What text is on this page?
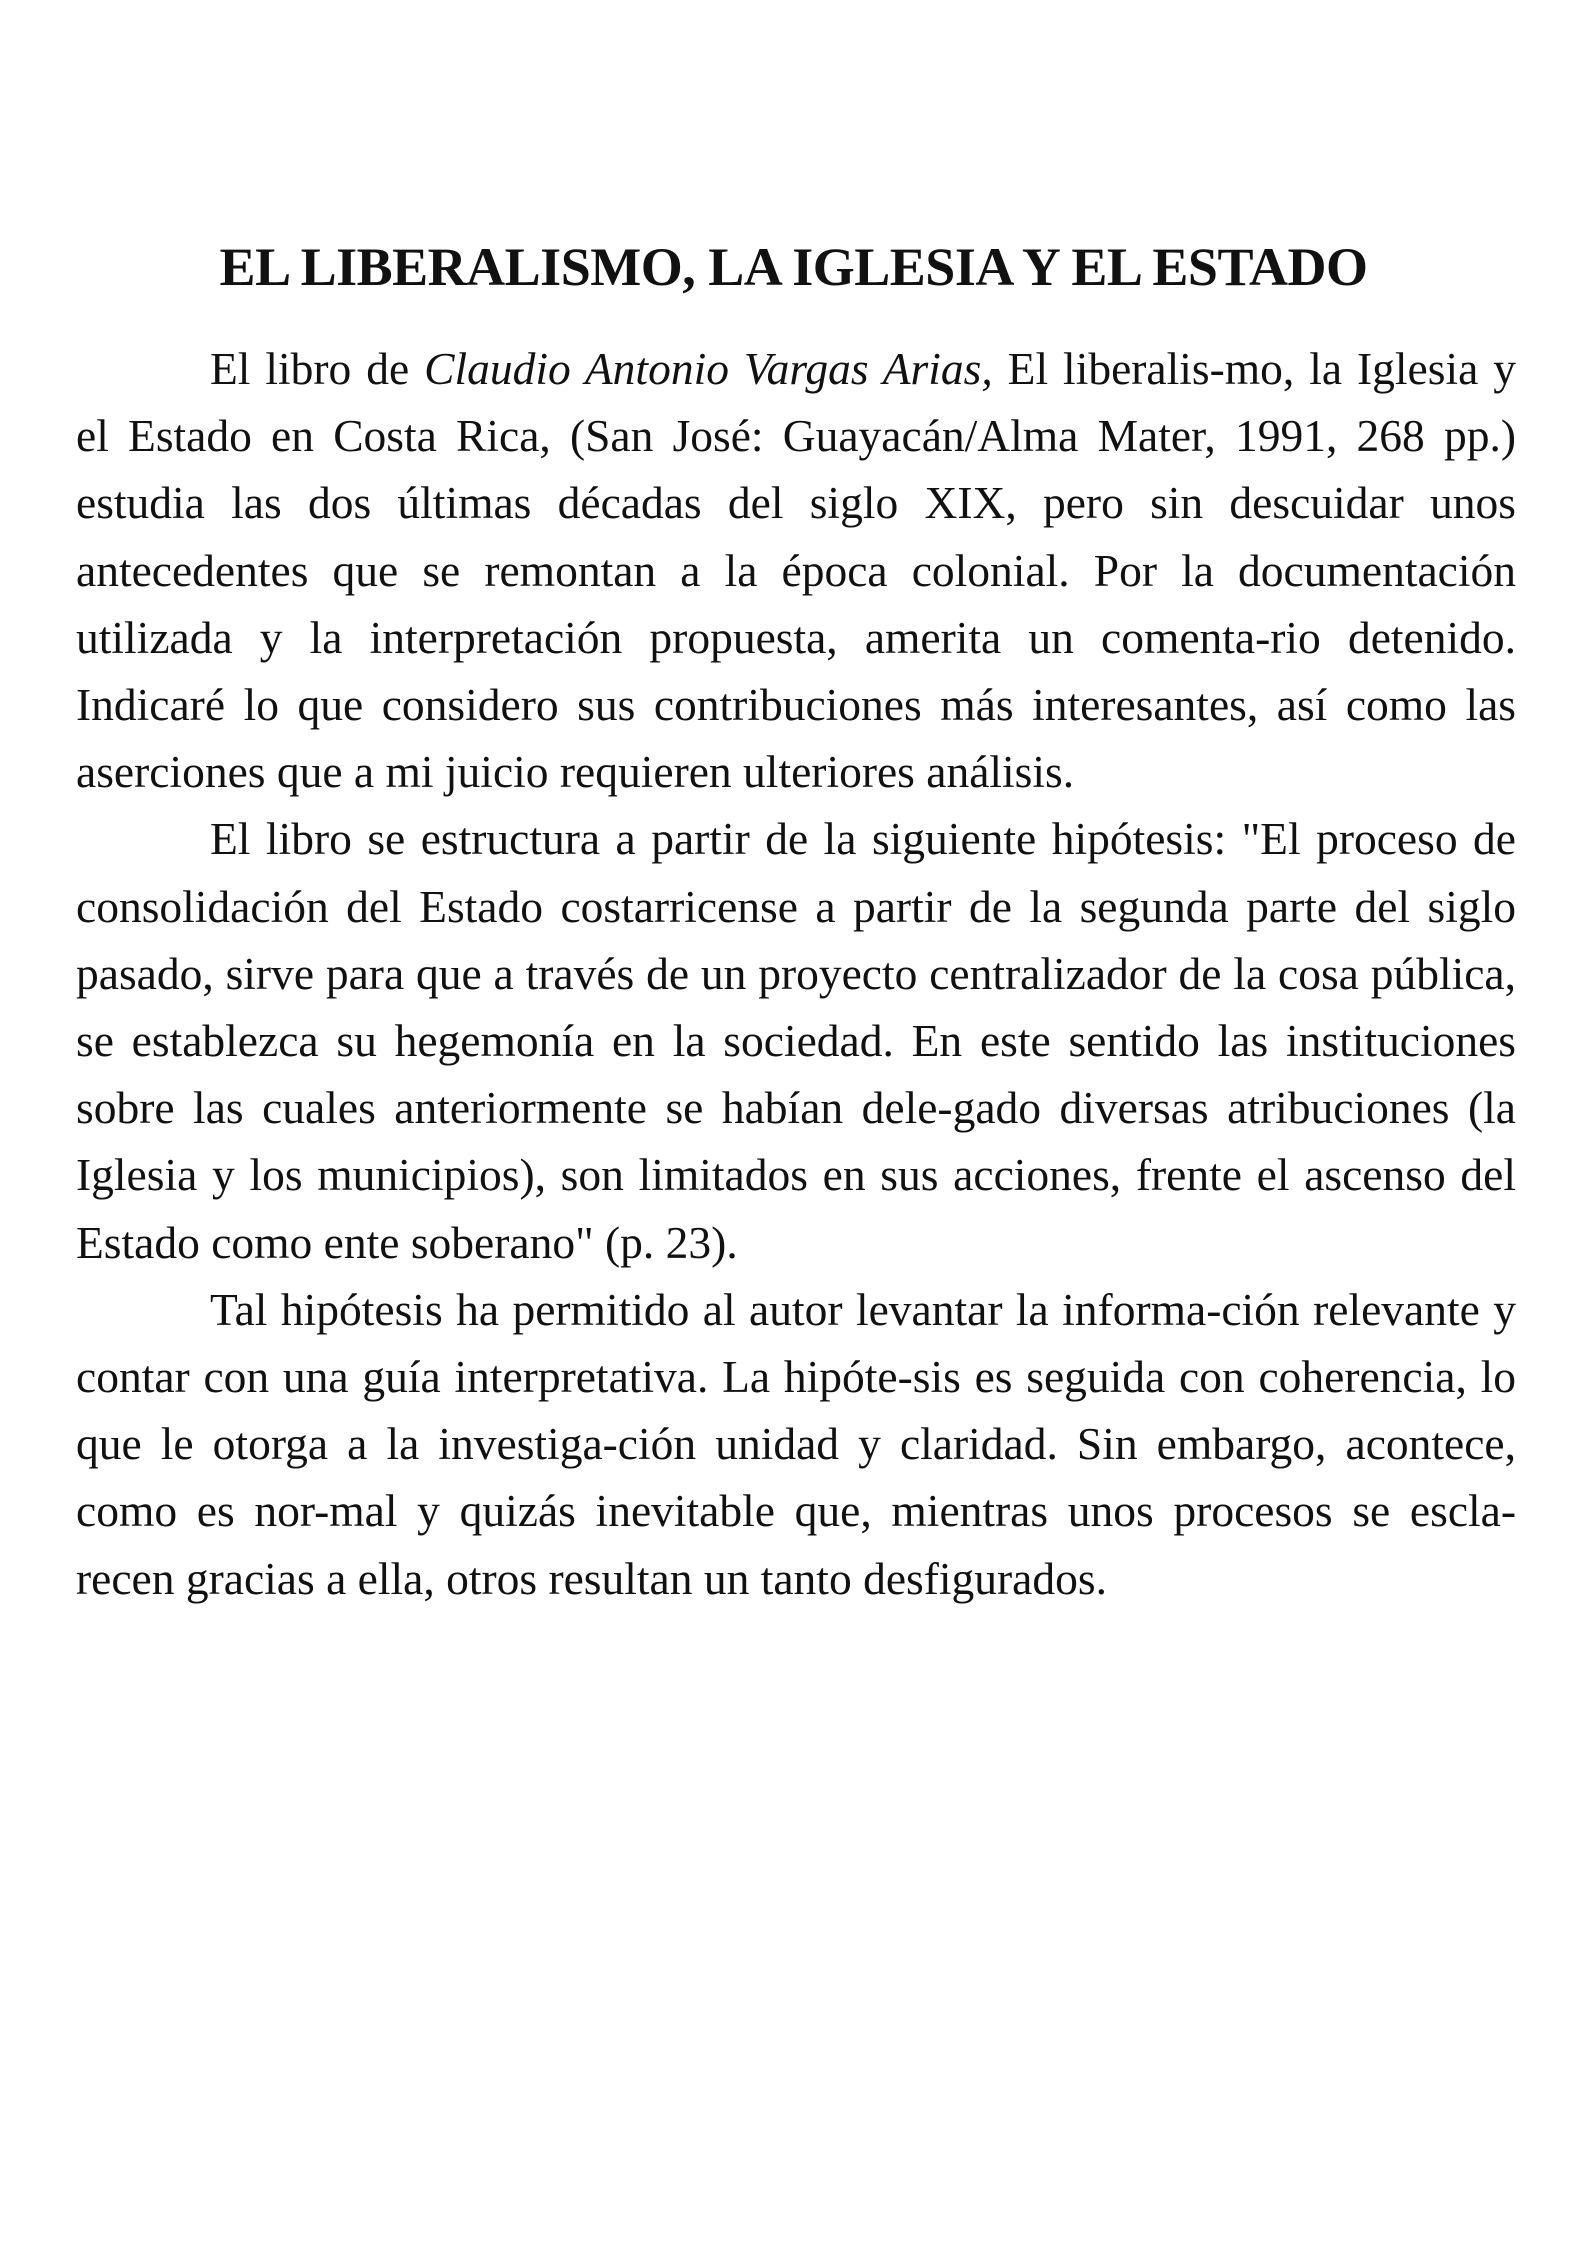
EL LIBERALISMO, LA IGLESIA Y EL ESTADO

El libro de Claudio Antonio Vargas Arias, El liberalis-mo, la Iglesia y el Estado en Costa Rica, (San José: Guayacán/Alma Mater, 1991, 268 pp.) estudia las dos últimas décadas del siglo XIX, pero sin descuidar unos antecedentes que se remontan a la época colonial. Por la documentación utilizada y la interpretación propuesta, amerita un comenta-rio detenido. Indicaré lo que considero sus contribuciones más interesantes, así como las aserciones que a mi juicio requieren ulteriores análisis.

El libro se estructura a partir de la siguiente hipótesis: "El proceso de consolidación del Estado costarricense a partir de la segunda parte del siglo pasado, sirve para que a través de un proyecto centralizador de la cosa pública, se establezca su hegemonía en la sociedad. En este sentido las instituciones sobre las cuales anteriormente se habían dele-gado diversas atribuciones (la Iglesia y los municipios), son limitados en sus acciones, frente el ascenso del Estado como ente soberano" (p. 23).

Tal hipótesis ha permitido al autor levantar la informa-ción relevante y contar con una guía interpretativa. La hipóte-sis es seguida con coherencia, lo que le otorga a la investiga-ción unidad y claridad. Sin embargo, acontece, como es nor-mal y quizás inevitable que, mientras unos procesos se escla-recen gracias a ella, otros resultan un tanto desfigurados.
